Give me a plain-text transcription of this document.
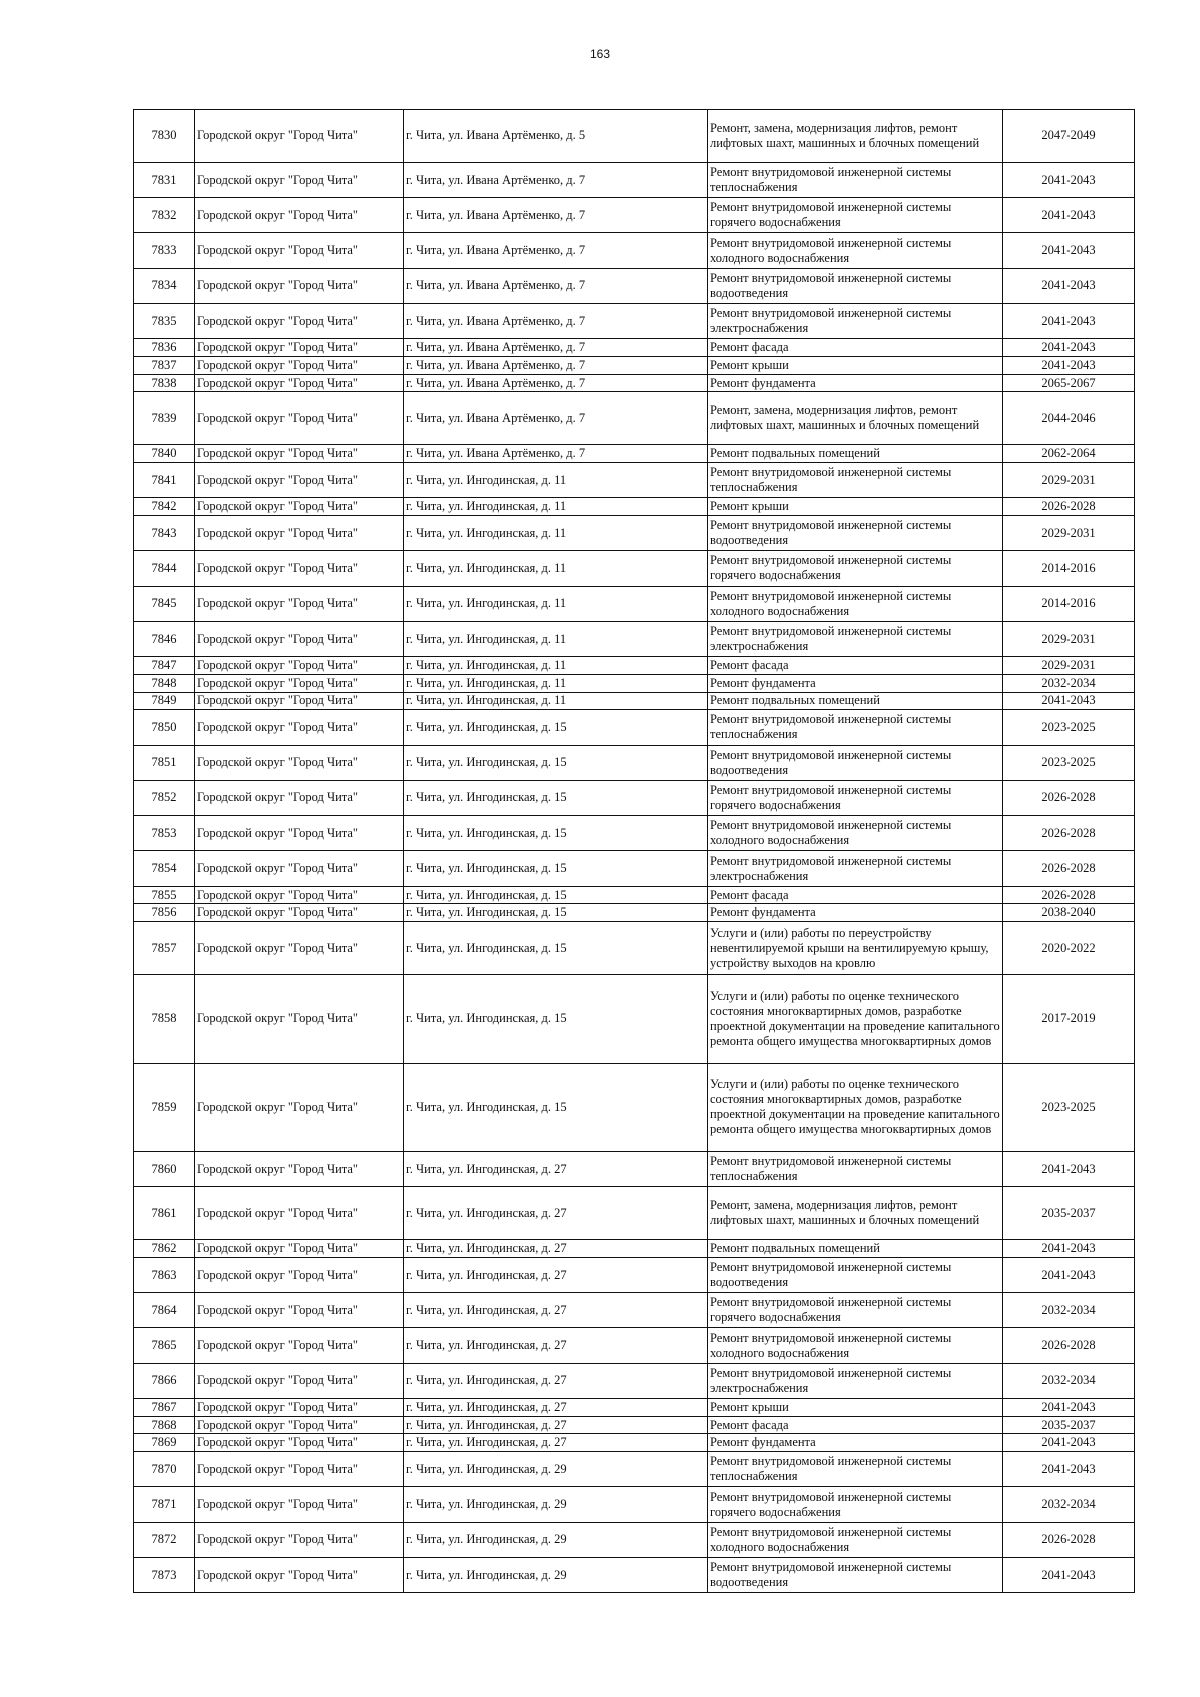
163
7830	Городской округ "Город Чита"	г. Чита, ул. Ивана Артёменко, д. 5	Ремонт, замена, модернизация лифтов, ремонт лифтовых шахт, машинных и блочных помещений	2047-2049
7831	Городской округ "Город Чита"	г. Чита, ул. Ивана Артёменко, д. 7	Ремонт внутридомовой инженерной системы теплоснабжения	2041-2043
7832	Городской округ "Город Чита"	г. Чита, ул. Ивана Артёменко, д. 7	Ремонт внутридомовой инженерной системы горячего водоснабжения	2041-2043
7833	Городской округ "Город Чита"	г. Чита, ул. Ивана Артёменко, д. 7	Ремонт внутридомовой инженерной системы холодного водоснабжения	2041-2043
7834	Городской округ "Город Чита"	г. Чита, ул. Ивана Артёменко, д. 7	Ремонт внутридомовой инженерной системы водоотведения	2041-2043
7835	Городской округ "Город Чита"	г. Чита, ул. Ивана Артёменко, д. 7	Ремонт внутридомовой инженерной системы электроснабжения	2041-2043
7836	Городской округ "Город Чита"	г. Чита, ул. Ивана Артёменко, д. 7	Ремонт фасада	2041-2043
7837	Городской округ "Город Чита"	г. Чита, ул. Ивана Артёменко, д. 7	Ремонт крыши	2041-2043
7838	Городской округ "Город Чита"	г. Чита, ул. Ивана Артёменко, д. 7	Ремонт фундамента	2065-2067
7839	Городской округ "Город Чита"	г. Чита, ул. Ивана Артёменко, д. 7	Ремонт, замена, модернизация лифтов, ремонт лифтовых шахт, машинных и блочных помещений	2044-2046
7840	Городской округ "Город Чита"	г. Чита, ул. Ивана Артёменко, д. 7	Ремонт подвальных помещений	2062-2064
7841	Городской округ "Город Чита"	г. Чита, ул. Ингодинская, д. 11	Ремонт внутридомовой инженерной системы теплоснабжения	2029-2031
7842	Городской округ "Город Чита"	г. Чита, ул. Ингодинская, д. 11	Ремонт крыши	2026-2028
7843	Городской округ "Город Чита"	г. Чита, ул. Ингодинская, д. 11	Ремонт внутридомовой инженерной системы водоотведения	2029-2031
7844	Городской округ "Город Чита"	г. Чита, ул. Ингодинская, д. 11	Ремонт внутридомовой инженерной системы горячего водоснабжения	2014-2016
7845	Городской округ "Город Чита"	г. Чита, ул. Ингодинская, д. 11	Ремонт внутридомовой инженерной системы холодного водоснабжения	2014-2016
7846	Городской округ "Город Чита"	г. Чита, ул. Ингодинская, д. 11	Ремонт внутридомовой инженерной системы электроснабжения	2029-2031
7847	Городской округ "Город Чита"	г. Чита, ул. Ингодинская, д. 11	Ремонт фасада	2029-2031
7848	Городской округ "Город Чита"	г. Чита, ул. Ингодинская, д. 11	Ремонт фундамента	2032-2034
7849	Городской округ "Город Чита"	г. Чита, ул. Ингодинская, д. 11	Ремонт подвальных помещений	2041-2043
7850	Городской округ "Город Чита"	г. Чита, ул. Ингодинская, д. 15	Ремонт внутридомовой инженерной системы теплоснабжения	2023-2025
7851	Городской округ "Город Чита"	г. Чита, ул. Ингодинская, д. 15	Ремонт внутридомовой инженерной системы водоотведения	2023-2025
7852	Городской округ "Город Чита"	г. Чита, ул. Ингодинская, д. 15	Ремонт внутридомовой инженерной системы горячего водоснабжения	2026-2028
7853	Городской округ "Город Чита"	г. Чита, ул. Ингодинская, д. 15	Ремонт внутридомовой инженерной системы холодного водоснабжения	2026-2028
7854	Городской округ "Город Чита"	г. Чита, ул. Ингодинская, д. 15	Ремонт внутридомовой инженерной системы электроснабжения	2026-2028
7855	Городской округ "Город Чита"	г. Чита, ул. Ингодинская, д. 15	Ремонт фасада	2026-2028
7856	Городской округ "Город Чита"	г. Чита, ул. Ингодинская, д. 15	Ремонт фундамента	2038-2040
7857	Городской округ "Город Чита"	г. Чита, ул. Ингодинская, д. 15	Услуги и (или) работы по переустройству невентилируемой крыши на вентилируемую крышу, устройству выходов на кровлю	2020-2022
7858	Городской округ "Город Чита"	г. Чита, ул. Ингодинская, д. 15	Услуги и (или) работы по оценке технического состояния многоквартирных домов, разработке проектной документации на проведение капитального ремонта общего имущества многоквартирных домов	2017-2019
7859	Городской округ "Город Чита"	г. Чита, ул. Ингодинская, д. 15	Услуги и (или) работы по оценке технического состояния многоквартирных домов, разработке проектной документации на проведение капитального ремонта общего имущества многоквартирных домов	2023-2025
7860	Городской округ "Город Чита"	г. Чита, ул. Ингодинская, д. 27	Ремонт внутридомовой инженерной системы теплоснабжения	2041-2043
7861	Городской округ "Город Чита"	г. Чита, ул. Ингодинская, д. 27	Ремонт, замена, модернизация лифтов, ремонт лифтовых шахт, машинных и блочных помещений	2035-2037
7862	Городской округ "Город Чита"	г. Чита, ул. Ингодинская, д. 27	Ремонт подвальных помещений	2041-2043
7863	Городской округ "Город Чита"	г. Чита, ул. Ингодинская, д. 27	Ремонт внутридомовой инженерной системы водоотведения	2041-2043
7864	Городской округ "Город Чита"	г. Чита, ул. Ингодинская, д. 27	Ремонт внутридомовой инженерной системы горячего водоснабжения	2032-2034
7865	Городской округ "Город Чита"	г. Чита, ул. Ингодинская, д. 27	Ремонт внутридомовой инженерной системы холодного водоснабжения	2026-2028
7866	Городской округ "Город Чита"	г. Чита, ул. Ингодинская, д. 27	Ремонт внутридомовой инженерной системы электроснабжения	2032-2034
7867	Городской округ "Город Чита"	г. Чита, ул. Ингодинская, д. 27	Ремонт крыши	2041-2043
7868	Городской округ "Город Чита"	г. Чита, ул. Ингодинская, д. 27	Ремонт фасада	2035-2037
7869	Городской округ "Город Чита"	г. Чита, ул. Ингодинская, д. 27	Ремонт фундамента	2041-2043
7870	Городской округ "Город Чита"	г. Чита, ул. Ингодинская, д. 29	Ремонт внутридомовой инженерной системы теплоснабжения	2041-2043
7871	Городской округ "Город Чита"	г. Чита, ул. Ингодинская, д. 29	Ремонт внутридомовой инженерной системы горячего водоснабжения	2032-2034
7872	Городской округ "Город Чита"	г. Чита, ул. Ингодинская, д. 29	Ремонт внутридомовой инженерной системы холодного водоснабжения	2026-2028
7873	Городской округ "Город Чита"	г. Чита, ул. Ингодинская, д. 29	Ремонт внутридомовой инженерной системы водоотведения	2041-2043
